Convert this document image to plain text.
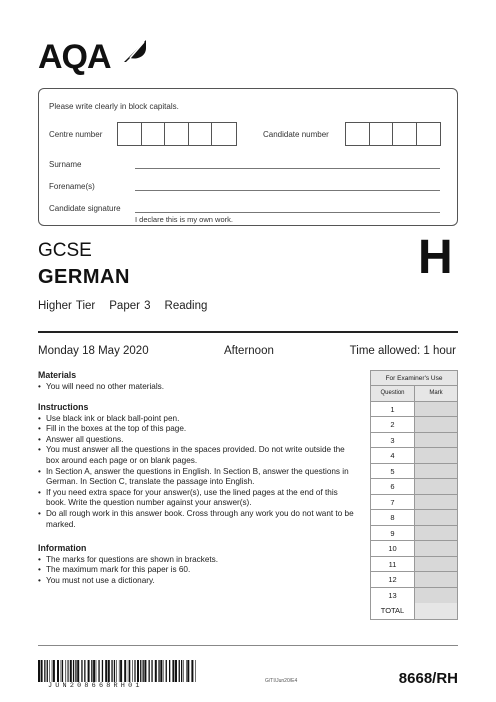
AQA
Please write clearly in block capitals.
Centre number	Candidate number
Surname
Forename(s)
Candidate signature
I declare this is my own work.
GCSE
GERMAN
Higher Tier Paper 3 Reading
H
Monday 18 May 2020	Afternoon	Time allowed: 1 hour
Materials
• You will need no other materials.
Instructions
• Use black ink or black ball-point pen.
• Fill in the boxes at the top of this page.
• Answer all questions.
• You must answer all the questions in the spaces provided. Do not write outside the box around each page or on blank pages.
• In Section A, answer the questions in English. In Section B, answer the questions in German. In Section C, translate the passage into English.
• If you need extra space for your answer(s), use the lined pages at the end of this book. Write the question number against your answer(s).
• Do all rough work in this answer book. Cross through any work you do not want to be marked.
Information
• The marks for questions are shown in brackets.
• The maximum mark for this paper is 60.
• You must not use a dictionary.
For Examiner's Use
Question	Mark
1
2
3
4
5
6
7
8
9
10
11
12
13
TOTAL
JUN208668RH01
G/TI/Jun20/E4	8668/RH
